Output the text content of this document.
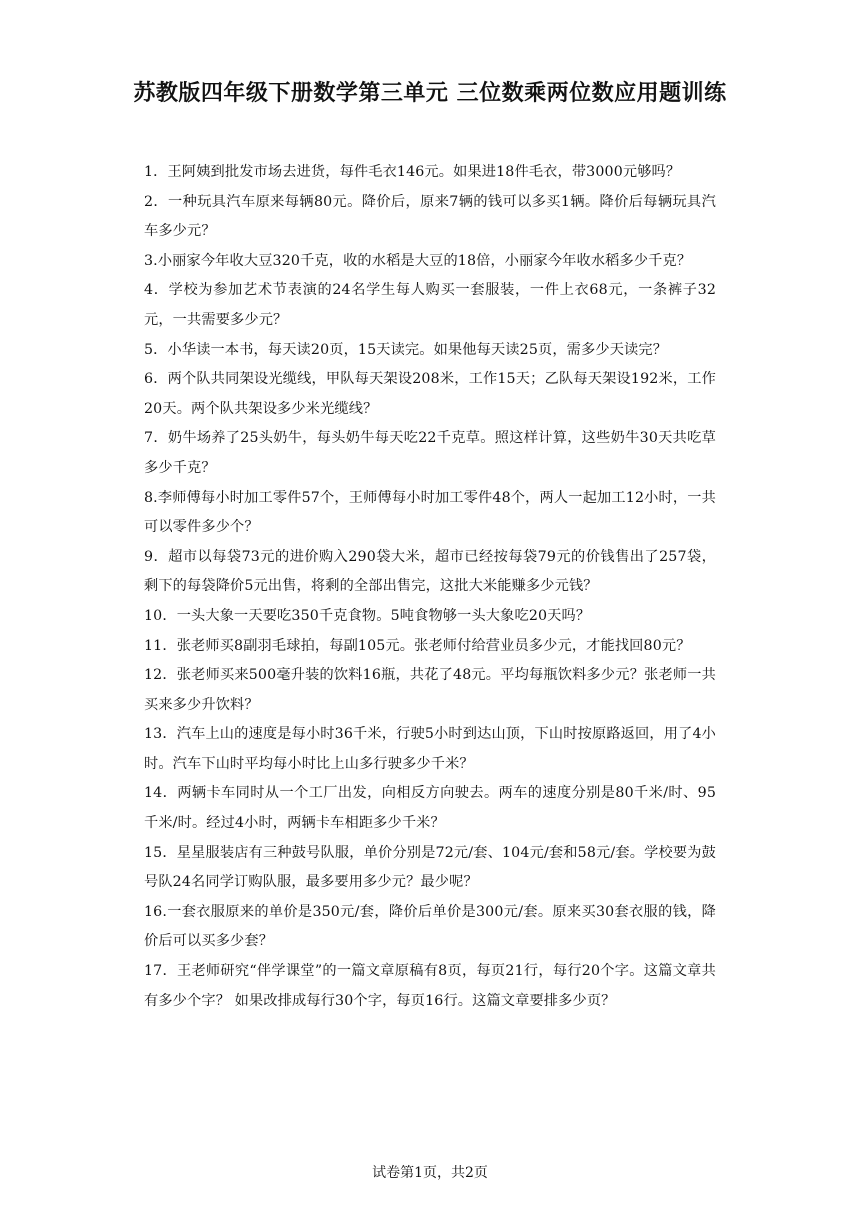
苏教版四年级下册数学第三单元 三位数乘两位数应用题训练

1．王阿姨到批发市场去进货，每件毛衣146元。如果进18件毛衣，带3000元够吗？

2．一种玩具汽车原来每辆80元。降价后，原来7辆的钱可以多买1辆。降价后每辆玩具汽车多少元？

3.小丽家今年收大豆320千克，收的水稻是大豆的18倍，小丽家今年收水稻多少千克？

4．学校为参加艺术节表演的24名学生每人购买一套服装，一件上衣68元，一条裤子32元，一共需要多少元？

5．小华读一本书，每天读20页，15天读完。如果他每天读25页，需多少天读完？

6．两个队共同架设光缆线，甲队每天架设208米，工作15天；乙队每天架设192米，工作20天。两个队共架设多少米光缆线？

7．奶牛场养了25头奶牛，每头奶牛每天吃22千克草。照这样计算，这些奶牛30天共吃草多少千克？

8.李师傅每小时加工零件57个，王师傅每小时加工零件48个，两人一起加工12小时，一共可以零件多少个？

9．超市以每袋73元的进价购入290袋大米，超市已经按每袋79元的价钱售出了257袋，剩下的每袋降价5元出售，将剩的全部出售完，这批大米能赚多少元钱？

10．一头大象一天要吃350千克食物。5吨食物够一头大象吃20天吗？

11．张老师买8副羽毛球拍，每副105元。张老师付给营业员多少元，才能找回80元？

12．张老师买来500毫升装的饮料16瓶，共花了48元。平均每瓶饮料多少元？张老师一共买来多少升饮料？

13．汽车上山的速度是每小时36千米，行驶5小时到达山顶，下山时按原路返回，用了4小时。汽车下山时平均每小时比上山多行驶多少千米？

14．两辆卡车同时从一个工厂出发，向相反方向驶去。两车的速度分别是80千米/时、95千米/时。经过4小时，两辆卡车相距多少千米？

15．星星服装店有三种鼓号队服，单价分别是72元/套、104元/套和58元/套。学校要为鼓号队24名同学订购队服，最多要用多少元？最少呢？

16.一套衣服原来的单价是350元/套，降价后单价是300元/套。原来买30套衣服的钱，降价后可以买多少套？

17．王老师研究“伴学课堂”的一篇文章原稿有8页，每页21行，每行20个字。这篇文章共有多少个字？ 如果改排成每行30个字，每页16行。这篇文章要排多少页？

试卷第1页，共2页
